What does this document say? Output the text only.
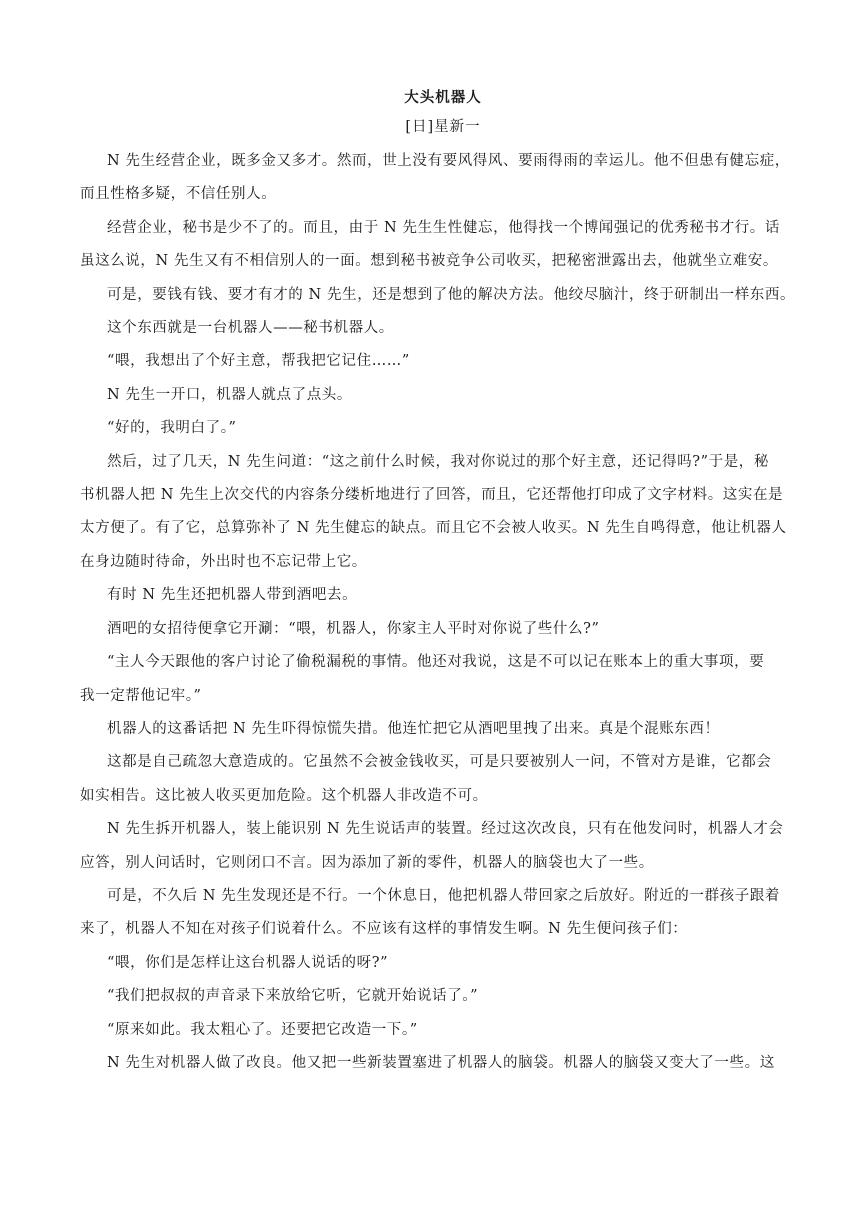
大头机器人
[日]星新一
N 先生经营企业，既多金又多才。然而，世上没有要风得风、要雨得雨的幸运儿。他不但患有健忘症，
而且性格多疑，不信任别人。
经营企业，秘书是少不了的。而且，由于 N 先生生性健忘，他得找一个博闻强记的优秀秘书才行。话
虽这么说，N 先生又有不相信别人的一面。想到秘书被竞争公司收买，把秘密泄露出去，他就坐立难安。
可是，要钱有钱、要才有才的 N 先生，还是想到了他的解决方法。他绞尽脑汁，终于研制出一样东西。
这个东西就是一台机器人——秘书机器人。
“喂，我想出了个好主意，帮我把它记住……”
N 先生一开口，机器人就点了点头。
“好的，我明白了。”
然后，过了几天，N 先生问道：“这之前什么时候，我对你说过的那个好主意，还记得吗?”于是，秘
书机器人把 N 先生上次交代的内容条分缕析地进行了回答，而且，它还帮他打印成了文字材料。这实在是
太方便了。有了它，总算弥补了 N 先生健忘的缺点。而且它不会被人收买。N 先生自鸣得意，他让机器人
在身边随时待命，外出时也不忘记带上它。
有时 N 先生还把机器人带到酒吧去。
酒吧的女招待便拿它开涮：“喂，机器人，你家主人平时对你说了些什么?”
“主人今天跟他的客户讨论了偷税漏税的事情。他还对我说，这是不可以记在账本上的重大事项，要
我一定帮他记牢。”
机器人的这番话把 N 先生吓得惊慌失措。他连忙把它从酒吧里拽了出来。真是个混账东西！
这都是自己疏忽大意造成的。它虽然不会被金钱收买，可是只要被别人一问，不管对方是谁，它都会
如实相告。这比被人收买更加危险。这个机器人非改造不可。
N 先生拆开机器人，装上能识别 N 先生说话声的装置。经过这次改良，只有在他发问时，机器人才会
应答，别人问话时，它则闭口不言。因为添加了新的零件，机器人的脑袋也大了一些。
可是，不久后 N 先生发现还是不行。一个休息日，他把机器人带回家之后放好。附近的一群孩子跟着
来了，机器人不知在对孩子们说着什么。不应该有这样的事情发生啊。N 先生便问孩子们：
“喂，你们是怎样让这台机器人说话的呀?”
“我们把叔叔的声音录下来放给它听，它就开始说话了。”
“原来如此。我太粗心了。还要把它改造一下。”
N 先生对机器人做了改良。他又把一些新装置塞进了机器人的脑袋。机器人的脑袋又变大了一些。这
